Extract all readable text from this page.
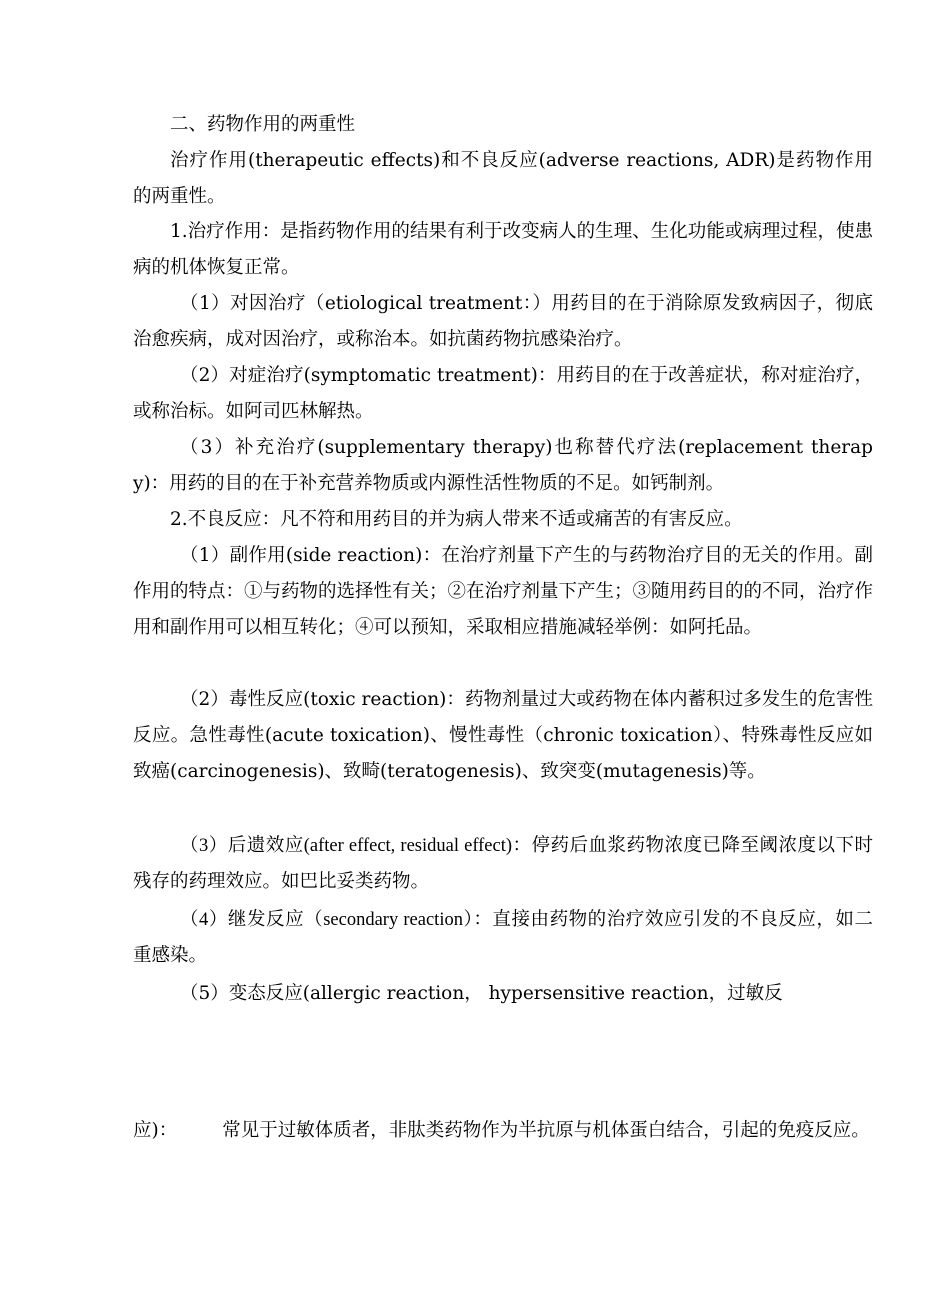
二、药物作用的两重性

治疗作用(therapeutic effects)和不良反应(adverse reactions, ADR)是药物作用的两重性。

1.治疗作用：是指药物作用的结果有利于改变病人的生理、生化功能或病理过程，使患病的机体恢复正常。

（1）对因治疗（etiological treatment：）用药目的在于消除原发致病因子，彻底治愈疾病，成对因治疗，或称治本。如抗菌药物抗感染治疗。

（2）对症治疗(symptomatic treatment)：用药目的在于改善症状，称对症治疗，或称治标。如阿司匹林解热。

（3）补充治疗(supplementary therapy)也称替代疗法(replacement therapy)：用药的目的在于补充营养物质或内源性活性物质的不足。如钙制剂。

2.不良反应：凡不符和用药目的并为病人带来不适或痛苦的有害反应。

（1）副作用(side reaction)：在治疗剂量下产生的与药物治疗目的无关的作用。副作用的特点：①与药物的选择性有关；②在治疗剂量下产生；③随用药目的的不同，治疗作用和副作用可以相互转化；④可以预知，采取相应措施减轻举例：如阿托品。

（2）毒性反应(toxic reaction)：药物剂量过大或药物在体内蓄积过多发生的危害性反应。急性毒性(acute toxication)、慢性毒性（chronic toxication）、特殊毒性反应如致癌(carcinogenesis)、致畸(teratogenesis)、致突变(mutagenesis)等。

（3）后遗效应(after effect, residual effect)：停药后血浆药物浓度已降至阈浓度以下时残存的药理效应。如巴比妥类药物。

（4）继发反应（secondary reaction）：直接由药物的治疗效应引发的不良反应，如二重感染。

（5）变态反应(allergic reaction， hypersensitive reaction，过敏反

应)： 常见于过敏体质者，非肽类药物作为半抗原与机体蛋白结合，引起的免疫反应。
